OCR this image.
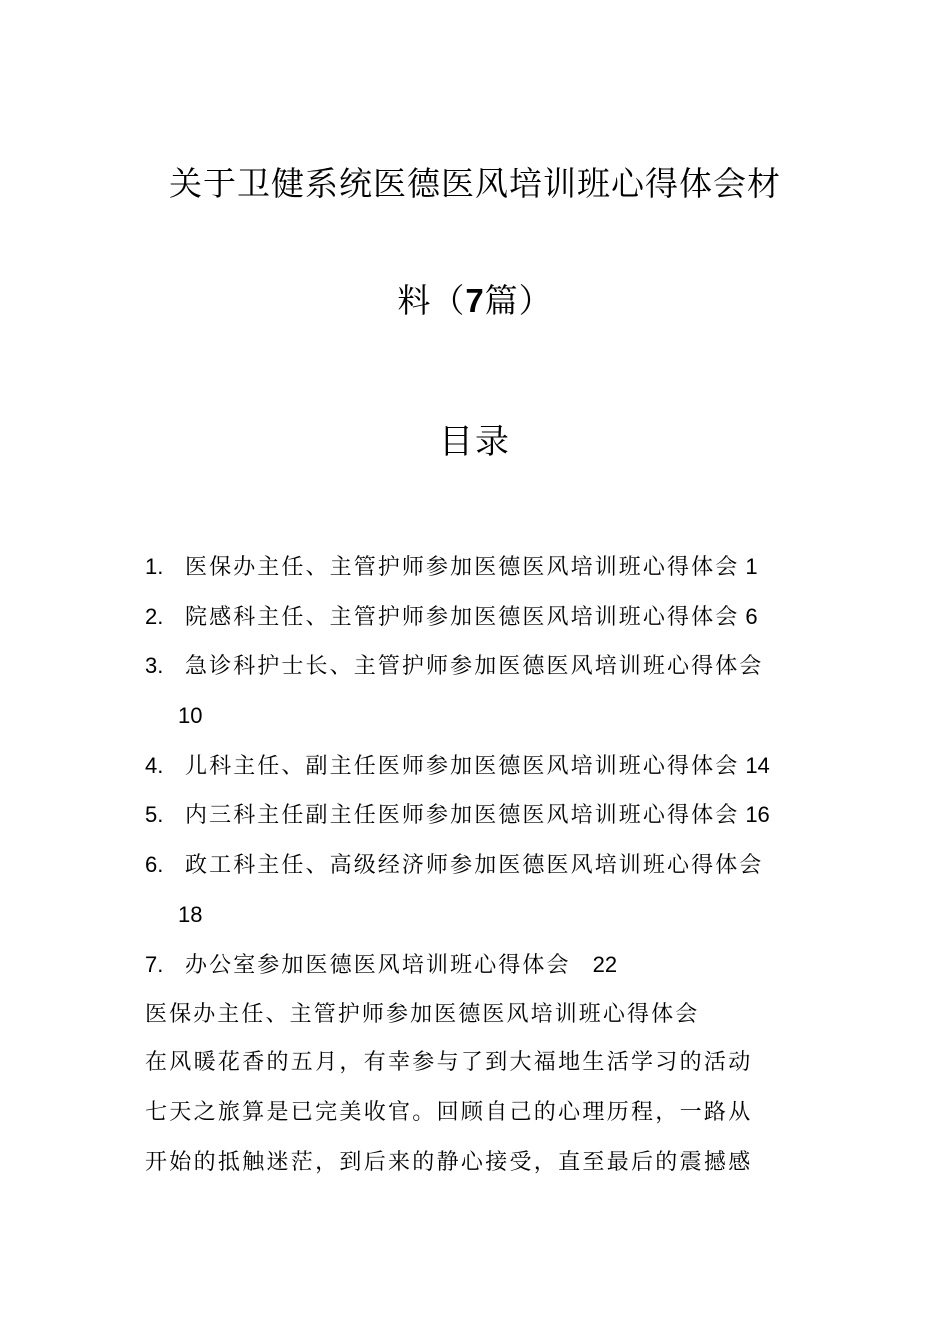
关于卫健系统医德医风培训班心得体会材
料（7篇）
目录
1. 医保办主任、主管护师参加医德医风培训班心得体会 1
2. 院感科主任、主管护师参加医德医风培训班心得体会 6
3. 急诊科护士长、主管护师参加医德医风培训班心得体会
10
4. 儿科主任、副主任医师参加医德医风培训班心得体会 14
5. 内三科主任副主任医师参加医德医风培训班心得体会 16
6. 政工科主任、高级经济师参加医德医风培训班心得体会
18
7. 办公室参加医德医风培训班心得体会 22
医保办主任、主管护师参加医德医风培训班心得体会
在风暖花香的五月，有幸参与了到大福地生活学习的活动
七天之旅算是已完美收官。回顾自己的心理历程，一路从
开始的抵触迷茫，到后来的静心接受，直至最后的震撼感
